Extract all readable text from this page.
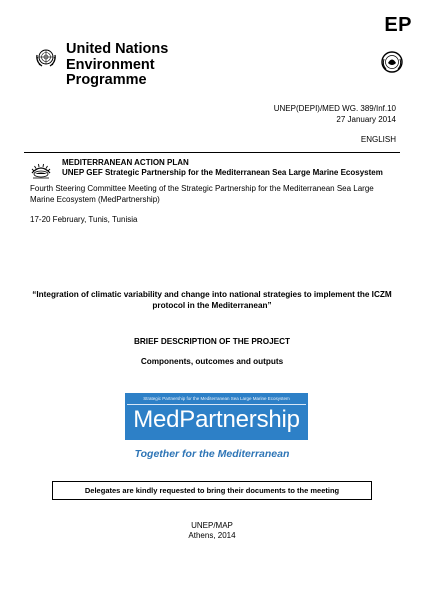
United Nations
Environment
Programme
EP
UNEP(DEPI)/MED WG. 389/Inf.10
27 January 2014
ENGLISH
MEDITERRANEAN ACTION PLAN
UNEP GEF Strategic Partnership for the Mediterranean Sea Large Marine Ecosystem
Fourth Steering Committee Meeting of the Strategic Partnership for the Mediterranean Sea Large Marine Ecosystem (MedPartnership)
17-20 February, Tunis, Tunisia
“Integration of climatic variability and change into national strategies to implement the ICZM
protocol in the Mediterranean”
BRIEF DESCRIPTION OF THE PROJECT
Components, outcomes and outputs
Strategic Partnership for the Mediterranean Sea Large Marine Ecosystem
MedPartnership
Together for the Mediterranean
Delegates are kindly requested to bring their documents to the meeting
UNEP/MAP
Athens, 2014
